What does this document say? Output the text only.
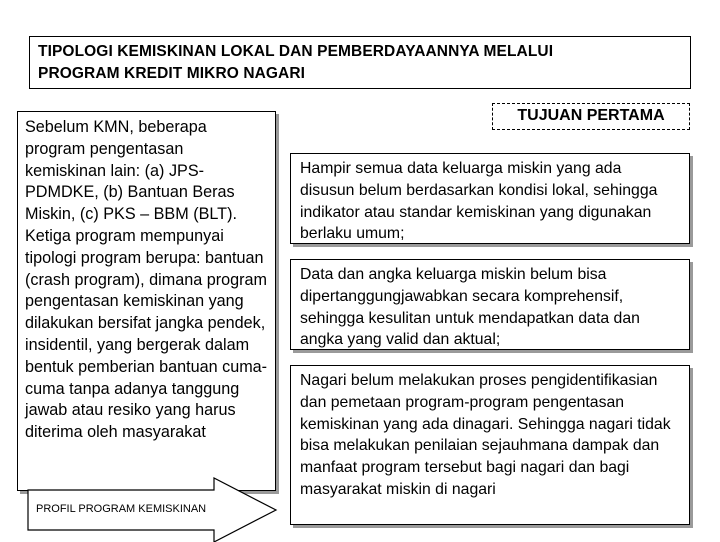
TIPOLOGI KEMISKINAN LOKAL DAN PEMBERDAYAANNYA MELALUI
PROGRAM KREDIT MIKRO NAGARI
Sebelum KMN, beberapa program pengentasan kemiskinan lain: (a) JPS-PDMDKE, (b) Bantuan Beras Miskin, (c) PKS – BBM (BLT). Ketiga program mempunyai tipologi program berupa: bantuan (crash program), dimana program pengentasan kemiskinan yang dilakukan bersifat jangka pendek, insidentil, yang bergerak dalam bentuk pemberian bantuan cuma-cuma tanpa adanya tanggung jawab atau resiko yang harus diterima oleh masyarakat
PROFIL PROGRAM KEMISKINAN
TUJUAN PERTAMA
Hampir semua data keluarga miskin yang ada disusun belum berdasarkan kondisi lokal, sehingga indikator atau standar kemiskinan yang digunakan berlaku umum;
Data dan angka keluarga miskin belum bisa dipertanggungjawabkan secara komprehensif, sehingga kesulitan untuk mendapatkan data dan angka yang valid dan aktual;
Nagari belum melakukan proses pengidentifikasian dan pemetaan program-program pengentasan kemiskinan yang ada dinagari. Sehingga nagari tidak bisa melakukan penilaian sejauhmana dampak dan manfaat program tersebut bagi nagari dan bagi masyarakat miskin di nagari
